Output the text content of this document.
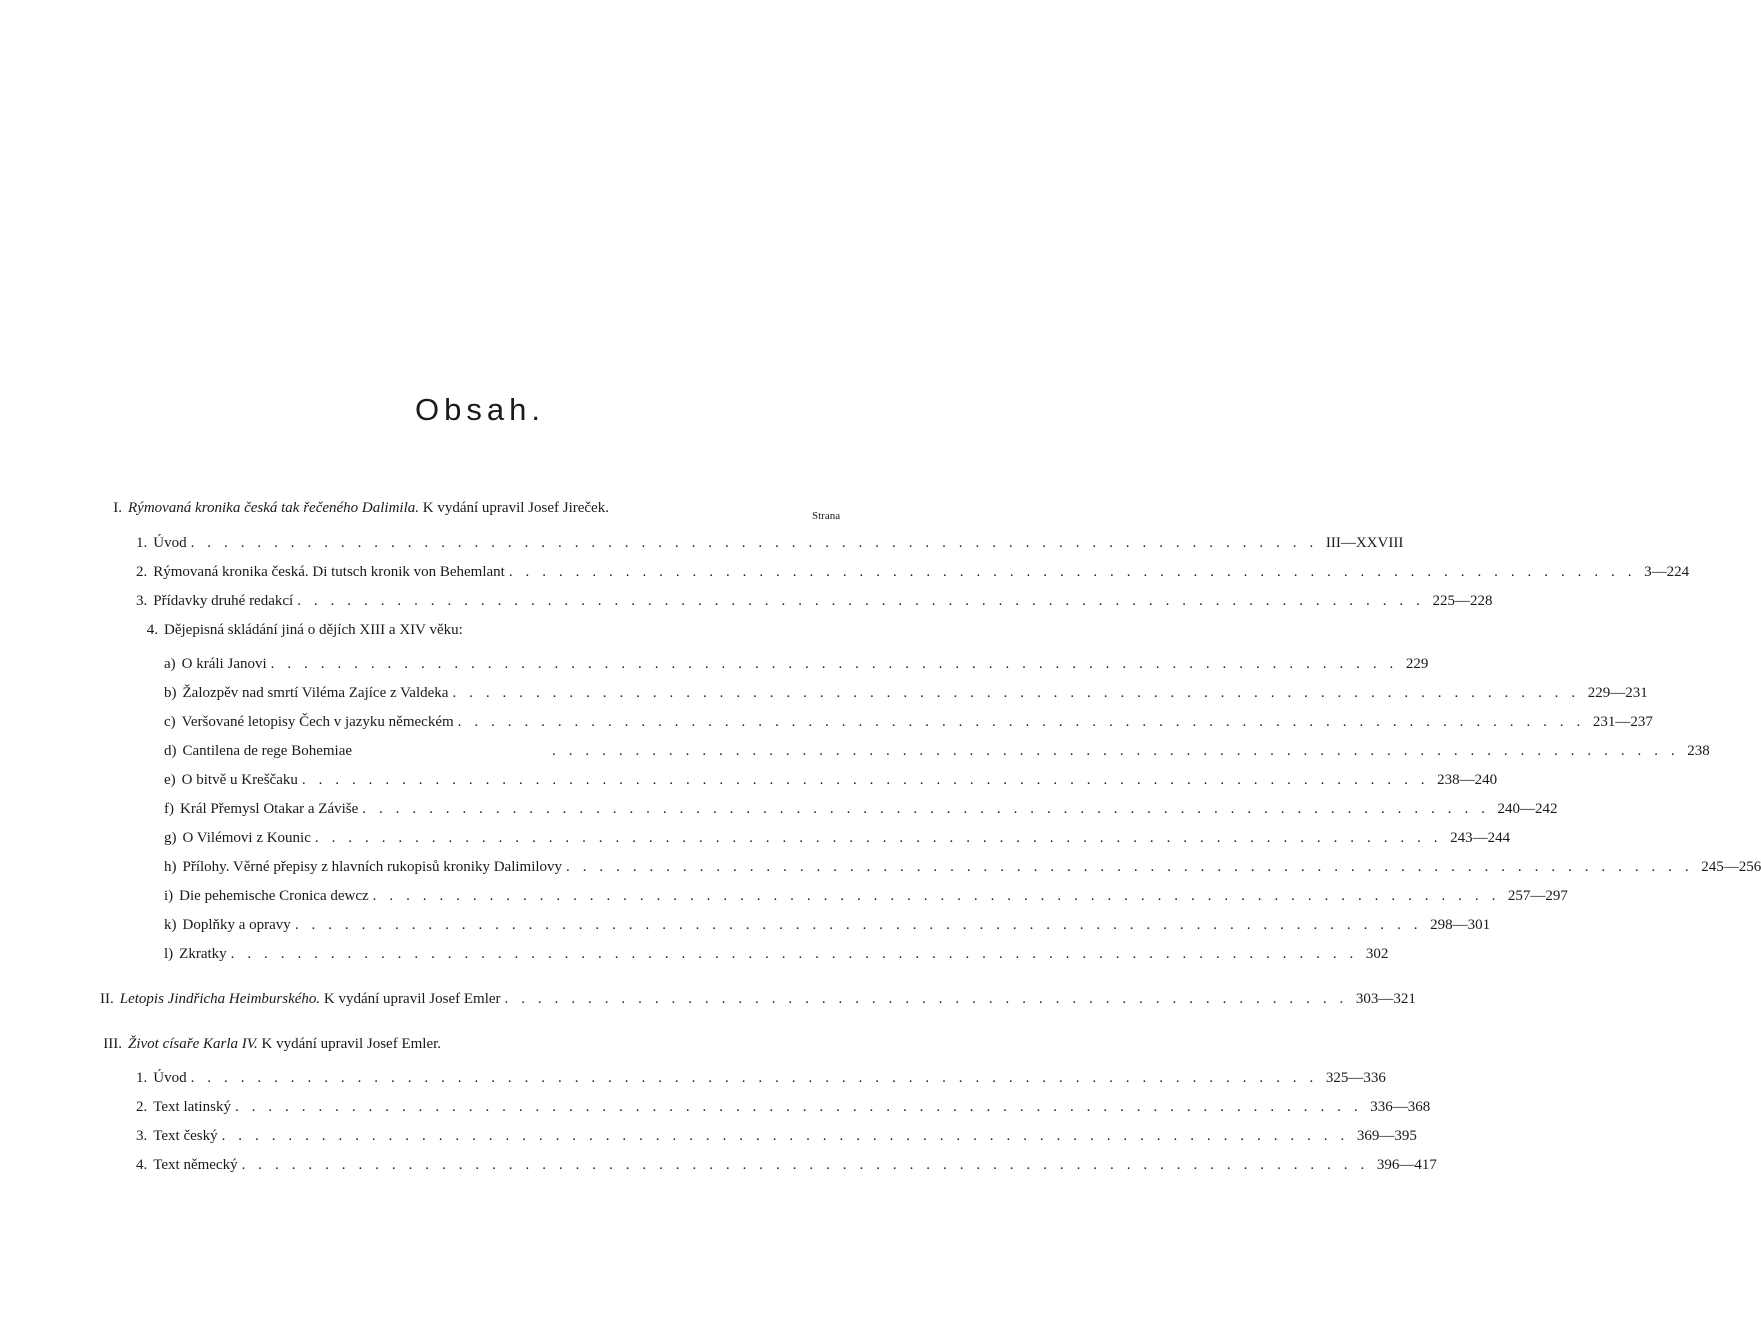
Obsah.
I. Rýmovaná kronika česká tak řečeného Dalimila. K vydání upravil Josef Jireček.	Strana
1. Úvod . . . . . . . . . . . . . . . . . . . . . . . . . . . . . . . . . . . . . . . . . . . . . . . . . . . . . . . . . . . . . . . . . . . . III—XXVIII
2. Rýmovaná kronika česká. Di tutsch kronik von Behemlant . . . . . . . . . . . . . . . . . . . . . . . . . . . . . . . . . . . . . . . . . . . . . . . . . . . . . . . . . . . . . . . . . . . . 3—224
3. Přídavky druhé redakcí . . . . . . . . . . . . . . . . . . . . . . . . . . . . . . . . . . . . . . . . . . . . . . . . . . . . . . . . . . . . . . . . . . . . 225—228
4. Dějepisná skládání jiná o dějích XIII a XIV věku:
a) O králi Janovi . . . . . . . . . . . . . . . . . . . . . . . . . . . . . . . . . . . . . . . . . . . . . . . . . . . . . . . . . . . . . . . . . . . . 229
b) Žalozpěv nad smrtí Viléma Zajíce z Valdeka . . . . . . . . . . . . . . . . . . . . . . . . . . . . . . . . . . . . . . . . . . . . . . . . . . . . . . . . . . . . . . . . . . . . 229—231
c) Veršované letopisy Čech v jazyku německém . . . . . . . . . . . . . . . . . . . . . . . . . . . . . . . . . . . . . . . . . . . . . . . . . . . . . . . . . . . . . . . . . . . . 231—237
d) Cantilena de rege Bohemiae	. . . . . . . . . . . . . . . . . . . . . . . . . . . . . . . . . . . . . . . . . . . . . . . . . . . . . . . . . . . . . . . . . . . . 238
e) O bitvě u Kreščaku . . . . . . . . . . . . . . . . . . . . . . . . . . . . . . . . . . . . . . . . . . . . . . . . . . . . . . . . . . . . . . . . . . . . 238—240
f) Král Přemysl Otakar a Záviše . . . . . . . . . . . . . . . . . . . . . . . . . . . . . . . . . . . . . . . . . . . . . . . . . . . . . . . . . . . . . . . . . . . . 240—242
g) O Vilémovi z Kounic . . . . . . . . . . . . . . . . . . . . . . . . . . . . . . . . . . . . . . . . . . . . . . . . . . . . . . . . . . . . . . . . . . . . 243—244
h) Přílohy. Věrné přepisy z hlavních rukopisů kroniky Dalimilovy . . . . . . . . . . . . . . . . . . . . . . . . . . . . . . . . . . . . . . . . . . . . . . . . . . . . . . . . . . . . . . . . . . . . 245—256
i) Die pehemische Cronica dewcz . . . . . . . . . . . . . . . . . . . . . . . . . . . . . . . . . . . . . . . . . . . . . . . . . . . . . . . . . . . . . . . . . . . . 257—297
k) Doplňky a opravy . . . . . . . . . . . . . . . . . . . . . . . . . . . . . . . . . . . . . . . . . . . . . . . . . . . . . . . . . . . . . . . . . . . . 298—301
l) Zkratky . . . . . . . . . . . . . . . . . . . . . . . . . . . . . . . . . . . . . . . . . . . . . . . . . . . . . . . . . . . . . . . . . . . . 302
II. Letopis Jindřicha Heimburského. K vydání upravil Josef Emler . . . . . . . . . . . . . . . . . . . . . . . . . . . . . . . . . . . . . . . . . . . . . . . . . . . 303—321
III. Život císaře Karla IV. K vydání upravil Josef Emler.
1. Úvod . . . . . . . . . . . . . . . . . . . . . . . . . . . . . . . . . . . . . . . . . . . . . . . . . . . . . . . . . . . . . . . . . . . . 325—336
2. Text latinský . . . . . . . . . . . . . . . . . . . . . . . . . . . . . . . . . . . . . . . . . . . . . . . . . . . . . . . . . . . . . . . . . . . . 336—368
3. Text český . . . . . . . . . . . . . . . . . . . . . . . . . . . . . . . . . . . . . . . . . . . . . . . . . . . . . . . . . . . . . . . . . . . . 369—395
4. Text německý . . . . . . . . . . . . . . . . . . . . . . . . . . . . . . . . . . . . . . . . . . . . . . . . . . . . . . . . . . . . . . . . . . . . 396—417
